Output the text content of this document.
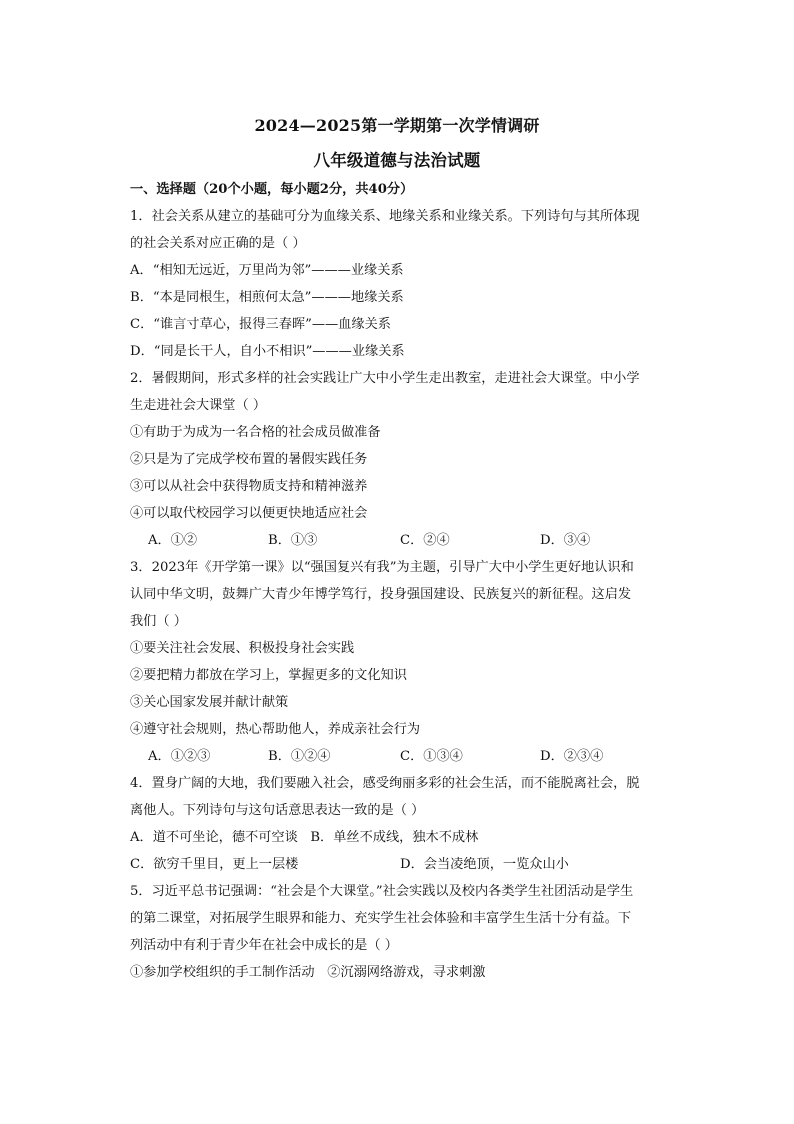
2024—2025第一学期第一次学情调研
八年级道德与法治试题
一、选择题（20个小题，每小题2分，共40分）
1．社会关系从建立的基础可分为血缘关系、地缘关系和业缘关系。下列诗句与其所体现
的社会关系对应正确的是（ ）
A．“相知无远近，万里尚为邻”———业缘关系
B．“本是同根生，相煎何太急”———地缘关系
C．“谁言寸草心，报得三春晖”——血缘关系
D．“同是长干人，自小不相识”———业缘关系
2．暑假期间，形式多样的社会实践让广大中小学生走出教室，走进社会大课堂。中小学
生走进社会大课堂（ ）
①有助于为成为一名合格的社会成员做准备
②只是为了完成学校布置的暑假实践任务
③可以从社会中获得物质支持和精神滋养
④可以取代校园学习以便更快地适应社会
A．①②	B．①③	C．②④	D．③④
3．2023年《开学第一课》以“强国复兴有我”为主题，引导广大中小学生更好地认识和
认同中华文明，鼓舞广大青少年博学笃行，投身强国建设、民族复兴的新征程。这启发
我们（ ）
①要关注社会发展、积极投身社会实践
②要把精力都放在学习上，掌握更多的文化知识
③关心国家发展并献计献策
④遵守社会规则，热心帮助他人，养成亲社会行为
A．①②③	B．①②④	C．①③④	D．②③④
4．置身广阔的大地，我们要融入社会，感受绚丽多彩的社会生活，而不能脱离社会，脱
离他人。下列诗句与这句话意思表达一致的是（ ）
A．道不可坐论，德不可空谈 B．单丝不成线，独木不成林
C．欲穷千里目，更上一层楼	D．会当凌绝顶，一览众山小
5．习近平总书记强调：“社会是个大课堂。”社会实践以及校内各类学生社团活动是学生
的第二课堂，对拓展学生眼界和能力、充实学生社会体验和丰富学生生活十分有益。下
列活动中有利于青少年在社会中成长的是（ ）
①参加学校组织的手工制作活动 ②沉溺网络游戏，寻求刺激
